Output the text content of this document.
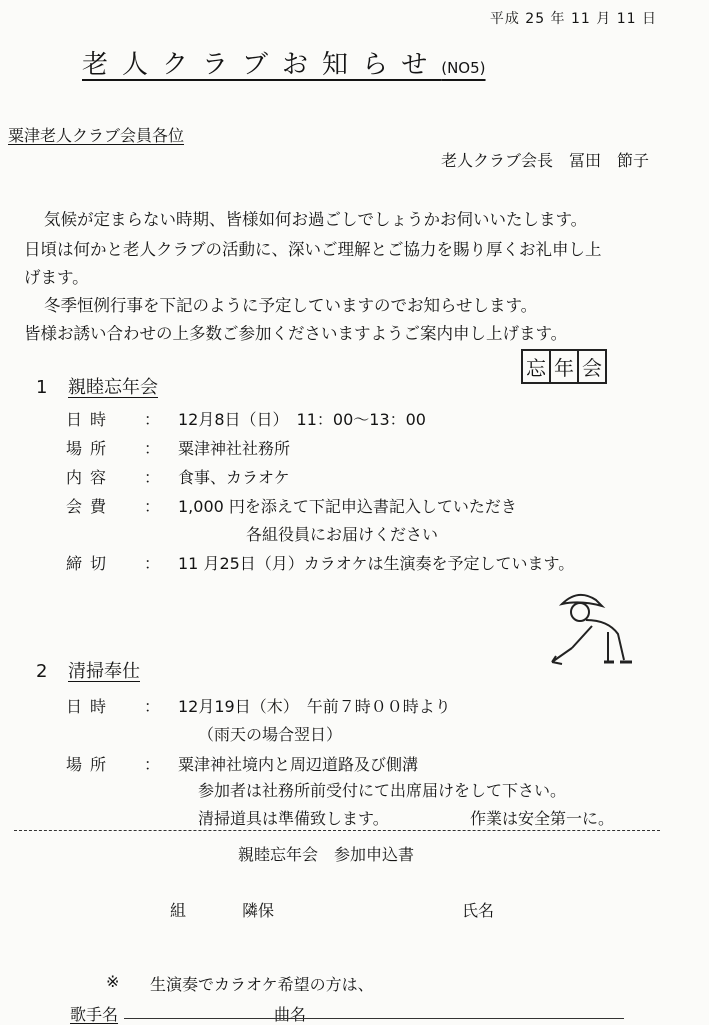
平成 25 年 11 月 11 日
老人クラブお知らせ(NO5)
粟津老人クラブ会員各位
老人クラブ会長 冨田　節子
気候が定まらない時期、皆様如何お過ごしでしょうかお伺いいたします。
日頃は何かと老人クラブの活動に、深いご理解とご協力を賜り厚くお礼申し上
げます。
冬季恒例行事を下記のように予定していますのでお知らせします。
皆様お誘い合わせの上多数ご参加くださいますようご案内申し上げます。
忘 年 会
1 親睦忘年会
日時 ： 12月8日（日）　11：00～13：00
場所 ： 粟津神社社務所
内容 ： 食事、カラオケ
会費 ： 1,000 円を添えて下記申込書記入していただき
各組役員にお届けください
締切 ： 11 月25日（月）カラオケは生演奏を予定しています。
2 清掃奉仕
日時 ： 12月19日（木）　午前７時００時より
（雨天の場合翌日）
場所 ： 粟津神社境内と周辺道路及び側溝
参加者は社務所前受付にて出席届けをして下さい。
清掃道具は準備致します。	作業は安全第一に。
親睦忘年会　参加申込書
組	隣保	氏名
※ 生演奏でカラオケ希望の方は、
歌手名	曲名
